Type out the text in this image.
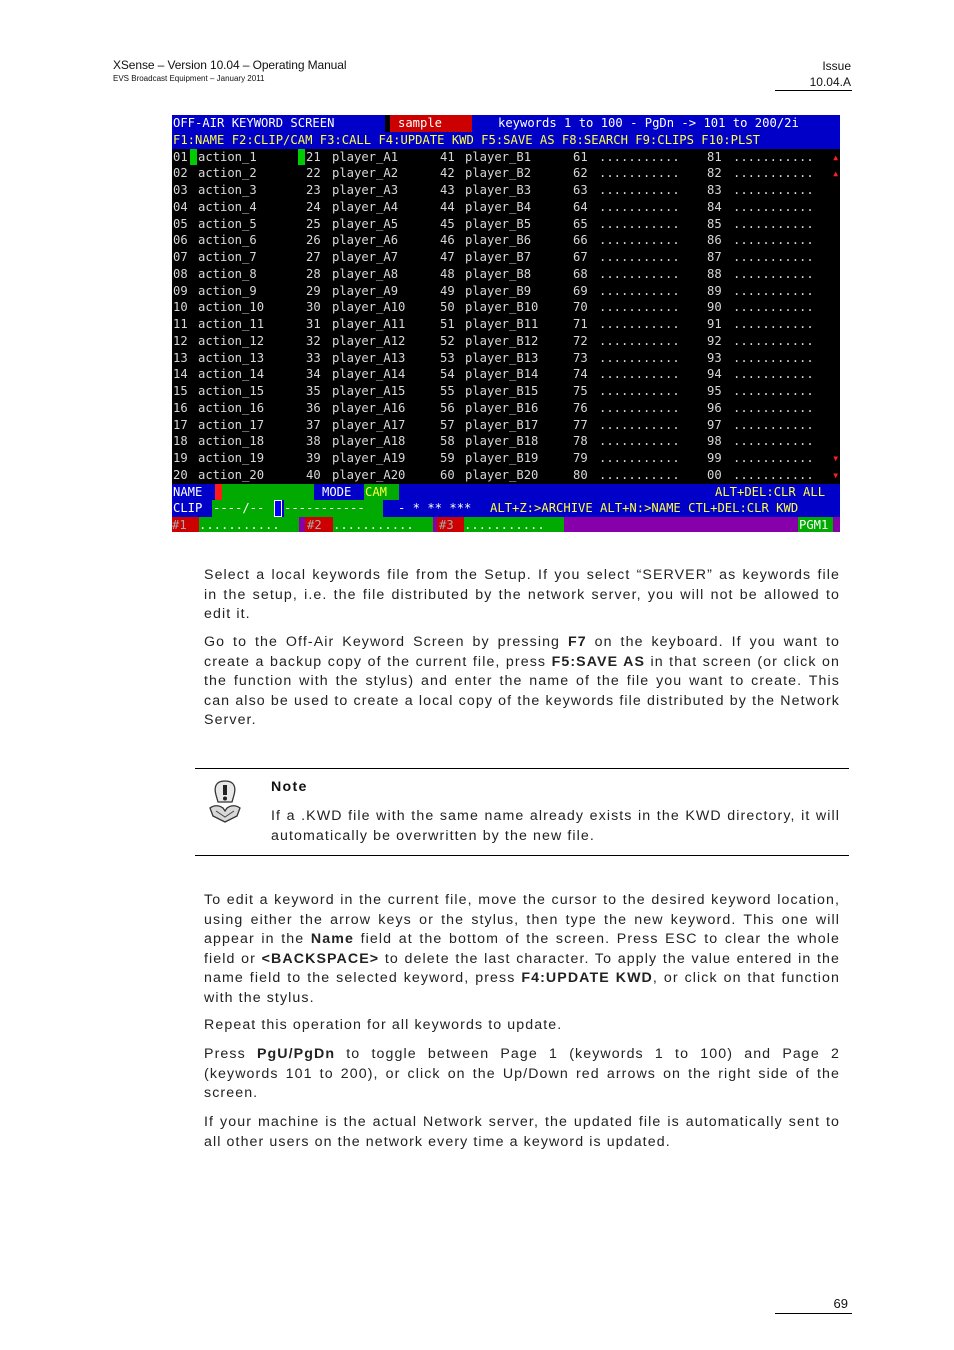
XSense – Version 10.04 – Operating Manual
EVS Broadcast Equipment – January 2011
Issue
10.04.A

OFF-AIR KEYWORD SCREEN

	sample

	keywords 1 to 100 - PgDn -> 101 to 200/2i

F1:NAME F2:CLIP/CAM F3:CALL F4:UPDATE KWD F5:SAVE AS F8:SEARCH F9:CLIPS F10:PLST

01 action_1	21 player_A1	41 player_B1	61 ........... 81 ........... ▴
02 action_2	22 player_A2	42 player_B2	62 ........... 82 ........... ▴
03 action_3	23 player_A3	43 player_B3	63 ........... 83 ...........
04 action_4	24 player_A4	44 player_B4	64 ........... 84 ...........
05 action_5	25 player_A5	45 player_B5	65 ........... 85 ...........
06 action_6	26 player_A6	46 player_B6	66 ........... 86 ...........
07 action_7	27 player_A7	47 player_B7	67 ........... 87 ...........
08 action_8	28 player_A8	48 player_B8	68 ........... 88 ...........
09 action_9	29 player_A9	49 player_B9	69 ........... 89 ...........
10 action_10	30 player_A10	50 player_B10	70 ........... 90 ...........
11 action_11	31 player_A11	51 player_B11	71 ........... 91 ...........
12 action_12	32 player_A12	52 player_B12	72 ........... 92 ...........
13 action_13	33 player_A13	53 player_B13	73 ........... 93 ...........
14 action_14	34 player_A14	54 player_B14	74 ........... 94 ...........
15 action_15	35 player_A15	55 player_B15	75 ........... 95 ...........
16 action_16	36 player_A16	56 player_B16	76 ........... 96 ...........
17 action_17	37 player_A17	57 player_B17	77 ........... 97 ...........
18 action_18	38 player_A18	58 player_B18	78 ........... 98 ...........
19 action_19	39 player_A19	59 player_B19	79 ........... 99 ........... ▾
20 action_20	40 player_A20	60 player_B20	80 ........... 00 ........... ▾

NAME

	MODE

CAM

	ALT+DEL:CLR ALL

CLIP

----/--

	-----------

	- * ** ***

ALT+Z:>ARCHIVE ALT+N:>NAME CTL+DEL:CLR KWD

#1

	...........

	#2

...........

	#3

...........

	PGM1

Select a local keywords file from the Setup. If you select “SERVER” as keywords file in the setup, i.e. the file distributed by the network server, you will not be allowed to edit it.
Go to the Off-Air Keyword Screen by pressing F7 on the keyboard. If you want to create a backup copy of the current file, press F5:SAVE AS in that screen (or click on the function with the stylus) and enter the name of the file you want to create. This can also be used to create a local copy of the keywords file distributed by the Network Server.
Note
If a .KWD file with the same name already exists in the KWD directory, it will automatically be overwritten by the new file.
To edit a keyword in the current file, move the cursor to the desired keyword location, using either the arrow keys or the stylus, then type the new keyword. This one will appear in the Name field at the bottom of the screen. Press ESC to clear the whole field or <BACKSPACE> to delete the last character. To apply the value entered in the name field to the selected keyword, press F4:UPDATE KWD, or click on that function with the stylus.
Repeat this operation for all keywords to update.
Press PgU/PgDn to toggle between Page 1 (keywords 1 to 100) and Page 2 (keywords 101 to 200), or click on the Up/Down red arrows on the right side of the screen.
If your machine is the actual Network server, the updated file is automatically sent to all other users on the network every time a keyword is updated.
69
